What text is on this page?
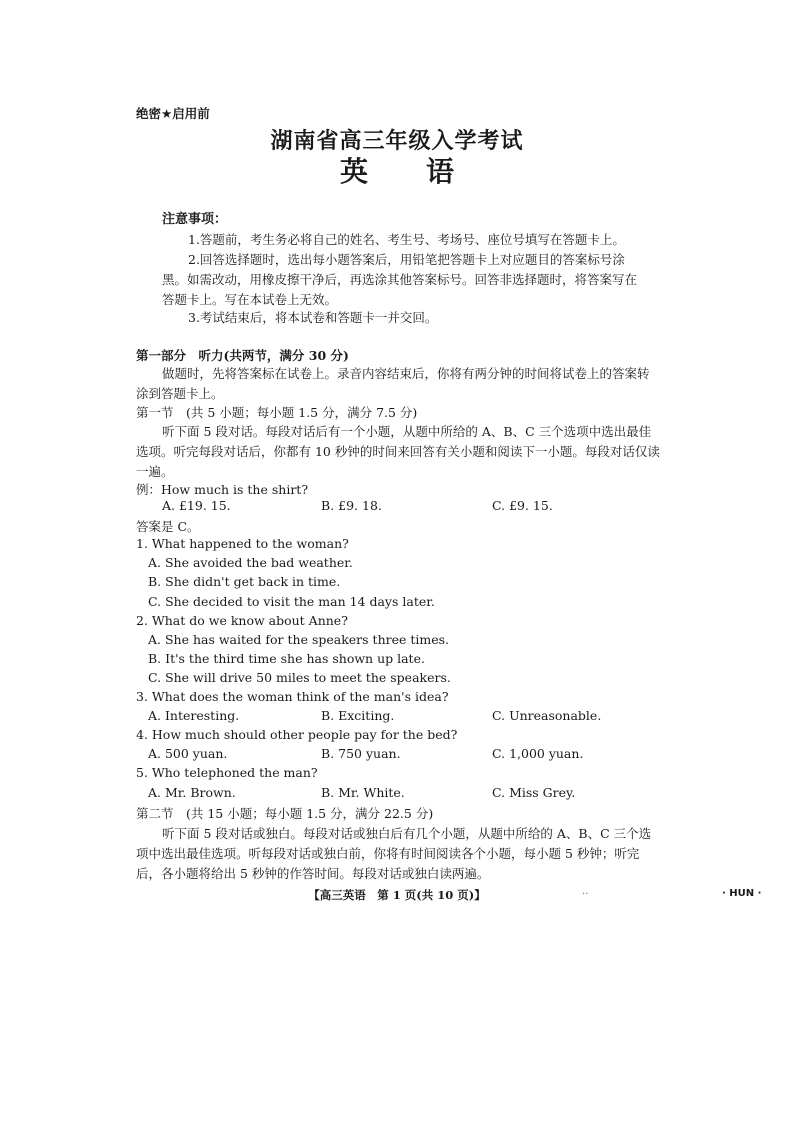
绝密★启用前
湖南省高三年级入学考试
英 语
注意事项：
1.答题前，考生务必将自己的姓名、考生号、考场号、座位号填写在答题卡上。
2.回答选择题时，选出每小题答案后，用铅笔把答题卡上对应题目的答案标号涂黑。如需改动，用橡皮擦干净后，再选涂其他答案标号。回答非选择题时，将答案写在答题卡上。写在本试卷上无效。
3.考试结束后，将本试卷和答题卡一并交回。
第一部分　听力(共两节，满分 30 分)
做题时，先将答案标在试卷上。录音内容结束后，你将有两分钟的时间将试卷上的答案转涂到答题卡上。
第一节　(共 5 小题；每小题 1.5 分，满分 7.5 分)
听下面 5 段对话。每段对话后有一个小题，从题中所给的 A、B、C 三个选项中选出最佳选项。听完每段对话后，你都有 10 秒钟的时间来回答有关小题和阅读下一小题。每段对话仅读一遍。
例：How much is the shirt?
A. £19. 15.	B. £9. 18.	C. £9. 15.
答案是 C。
1. What happened to the woman?
A. She avoided the bad weather.
B. She didn't get back in time.
C. She decided to visit the man 14 days later.
2. What do we know about Anne?
A. She has waited for the speakers three times.
B. It's the third time she has shown up late.
C. She will drive 50 miles to meet the speakers.
3. What does the woman think of the man's idea?
A. Interesting.	B. Exciting.	C. Unreasonable.
4. How much should other people pay for the bed?
A. 500 yuan.	B. 750 yuan.	C. 1,000 yuan.
5. Who telephoned the man?
A. Mr. Brown.	B. Mr. White.	C. Miss Grey.
第二节　(共 15 小题；每小题 1.5 分，满分 22.5 分)
听下面 5 段对话或独白。每段对话或独白后有几个小题，从题中所给的 A、B、C 三个选项中选出最佳选项。听每段对话或独白前，你将有时间阅读各个小题，每小题 5 秒钟；听完后，各小题将给出 5 秒钟的作答时间。每段对话或独白读两遍。
【高三英语　第 1 页(共 10 页)】	..	· HUN ·
